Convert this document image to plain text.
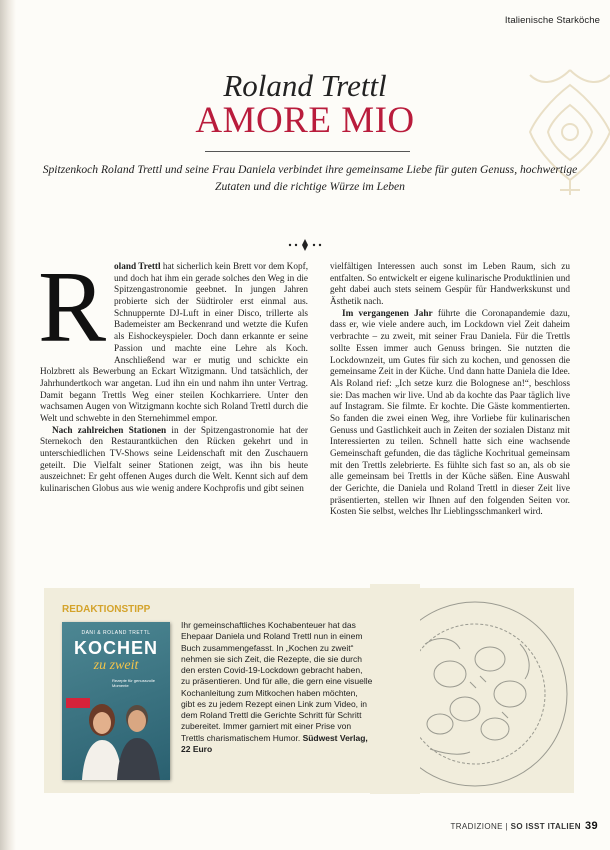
Italienische Starköche
Roland Trettl
AMORE MIO
Spitzenkoch Roland Trettl und seine Frau Daniela verbindet ihre gemeinsame Liebe für guten Genuss, hochwertige Zutaten und die richtige Würze im Leben

Roland Trettl hat sicherlich kein Brett vor dem Kopf, und doch hat ihm ein gerade solches den Weg in die Spitzengastronomie geebnet. In jungen Jahren probierte sich der Südtiroler erst einmal aus. Schnuppernte DJ-Luft in einer Disco, trillerte als Bademeister am Beckenrand und wetzte die Kufen als Eishockeyspieler. Doch dann erkannte er seine Passion und machte eine Lehre als Koch. Anschließend war er mutig und schickte ein Holzbrett als Bewerbung an Eckart Witzigmann. Und tatsächlich, der Jahrhundertkoch war angetan. Lud ihn ein und nahm ihn unter Vertrag. Damit begann Trettls Weg einer steilen Kochkarriere. Unter den wachsamen Augen von Witzigmann kochte sich Roland Trettl durch die Welt und schwebte in den Sternehimmel empor.

Nach zahlreichen Stationen in der Spitzengastronomie hat der Sternekoch den Restaurantküchen den Rücken gekehrt und in unterschiedlichen TV-Shows seine Leidenschaft mit den Zuschauern geteilt. Die Vielfalt seiner Stationen zeigt, was ihn bis heute auszeichnet: Er geht offenen Auges durch die Welt. Kennt sich auf dem kulinarischen Globus aus wie wenig andere Kochprofis und gibt seinen

vielfältigen Interessen auch sonst im Leben Raum, sich zu entfalten. So entwickelt er eigene kulinarische Produktlinien und geht dabei auch stets seinem Gespür für Handwerkskunst und Ästhetik nach.

Im vergangenen Jahr führte die Coronapandemie dazu, dass er, wie viele andere auch, im Lockdown viel Zeit daheim verbrachte – zu zweit, mit seiner Frau Daniela. Für die Trettls sollte Essen immer auch Genuss bringen. Sie nutzten die Lockdownzeit, um Gutes für sich zu kochen, und genossen die gemeinsame Zeit in der Küche. Und dann hatte Daniela die Idee. Als Roland rief: „Ich setze kurz die Bolognese an!“, beschloss sie: Das machen wir live. Und ab da kochte das Paar täglich live auf Instagram. Sie filmte. Er kochte. Die Gäste kommentierten. So fanden die zwei einen Weg, ihre Vorliebe für kulinarischen Genuss und Gastlichkeit auch in Zeiten der sozialen Distanz mit Interessierten zu teilen. Schnell hatte sich eine wachsende Gemeinschaft gefunden, die das tägliche Kochritual gemeinsam mit den Trettls zelebrierte. Es fühlte sich fast so an, als ob sie alle gemeinsam bei Trettls in der Küche säßen. Eine Auswahl der Gerichte, die Daniela und Roland Trettl in dieser Zeit live präsentierten, stellen wir Ihnen auf den folgenden Seiten vor. Kosten Sie selbst, welches Ihr Lieblingsschmankerl wird.

REDAKTIONSTIPP
DANI & ROLAND TRETTL
KOCHEN
zu zweit
Rezepte für genussvolle Momente
Ihr gemeinschaftliches Kochabenteuer hat das Ehepaar Daniela und Roland Trettl nun in einem Buch zusammengefasst. In „Kochen zu zweit“ nehmen sie sich Zeit, die Rezepte, die sie durch den ersten Covid-19-Lockdown gebracht haben, zu präsentieren. Und für alle, die gern eine visuelle Kochanleitung zum Mitkochen haben möchten, gibt es zu jedem Rezept einen Link zum Video, in dem Roland Trettl die Gerichte Schritt für Schritt zubereitet. Immer garniert mit einer Prise von Trettls charismatischem Humor. Südwest Verlag, 22 Euro
TRADIZIONE | SO ISST ITALIEN 39
